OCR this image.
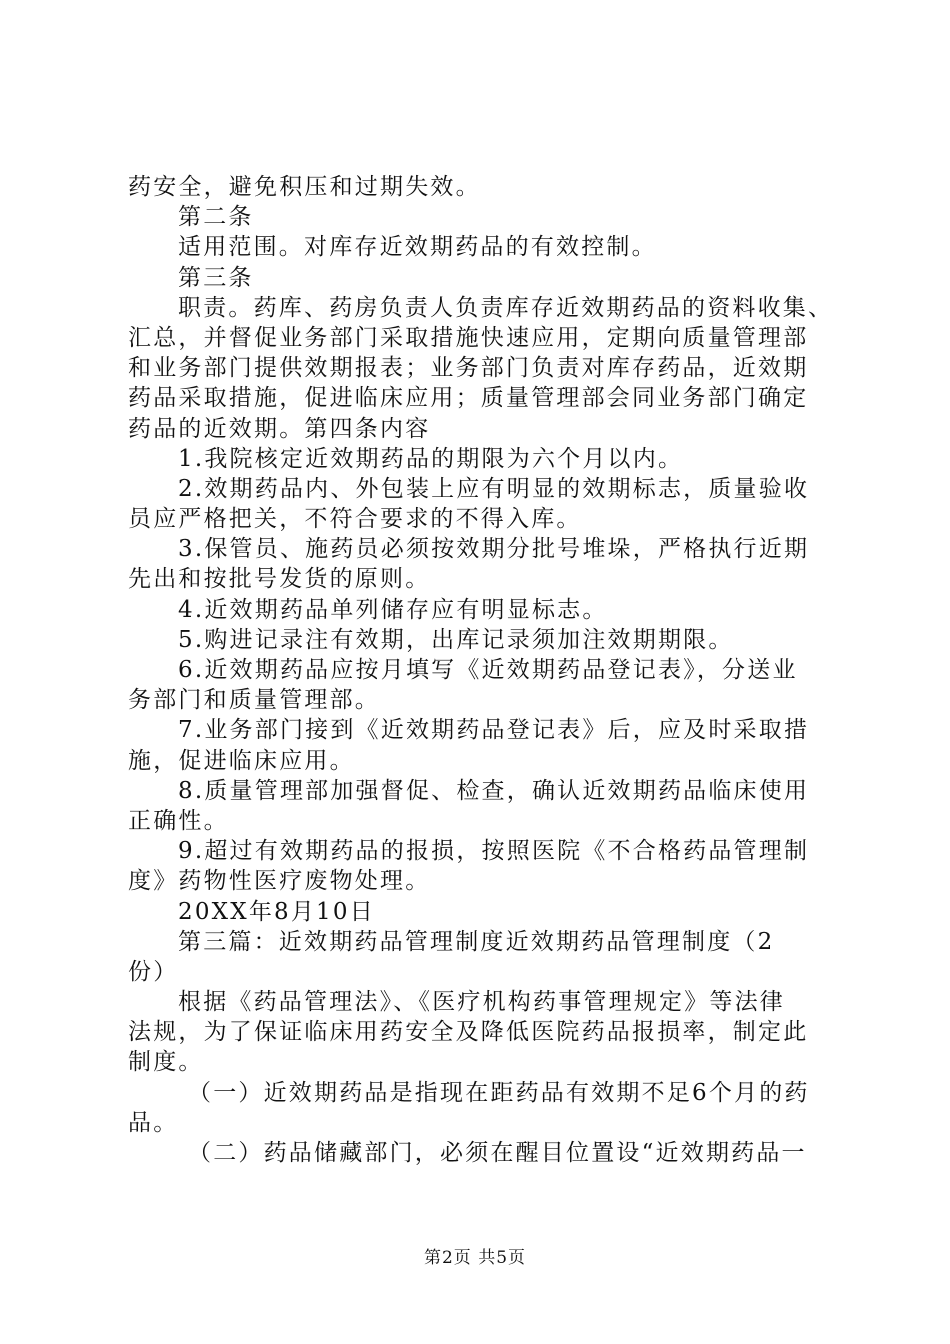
药安全，避免积压和过期失效。
第二条
适用范围。对库存近效期药品的有效控制。
第三条
职责。药库、药房负责人负责库存近效期药品的资料收集、
汇总，并督促业务部门采取措施快速应用，定期向质量管理部
和业务部门提供效期报表；业务部门负责对库存药品，近效期
药品采取措施，促进临床应用；质量管理部会同业务部门确定
药品的近效期。第四条内容
1.我院核定近效期药品的期限为六个月以内。
2.效期药品内、外包装上应有明显的效期标志，质量验收
员应严格把关，不符合要求的不得入库。
3.保管员、施药员必须按效期分批号堆垛，严格执行近期
先出和按批号发货的原则。
4.近效期药品单列储存应有明显标志。
5.购进记录注有效期，出库记录须加注效期期限。
6.近效期药品应按月填写《近效期药品登记表》，分送业
务部门和质量管理部。
7.业务部门接到《近效期药品登记表》后，应及时采取措
施，促进临床应用。
8.质量管理部加强督促、检查，确认近效期药品临床使用
正确性。
9.超过有效期药品的报损，按照医院《不合格药品管理制
度》药物性医疗废物处理。
20XX年8月10日
第三篇：近效期药品管理制度近效期药品管理制度（2
份）
根据《药品管理法》、《医疗机构药事管理规定》等法律
法规，为了保证临床用药安全及降低医院药品报损率，制定此
制度。
（一）近效期药品是指现在距药品有效期不足6个月的药
品。
（二）药品储藏部门，必须在醒目位置设“近效期药品一
第2页 共5页
